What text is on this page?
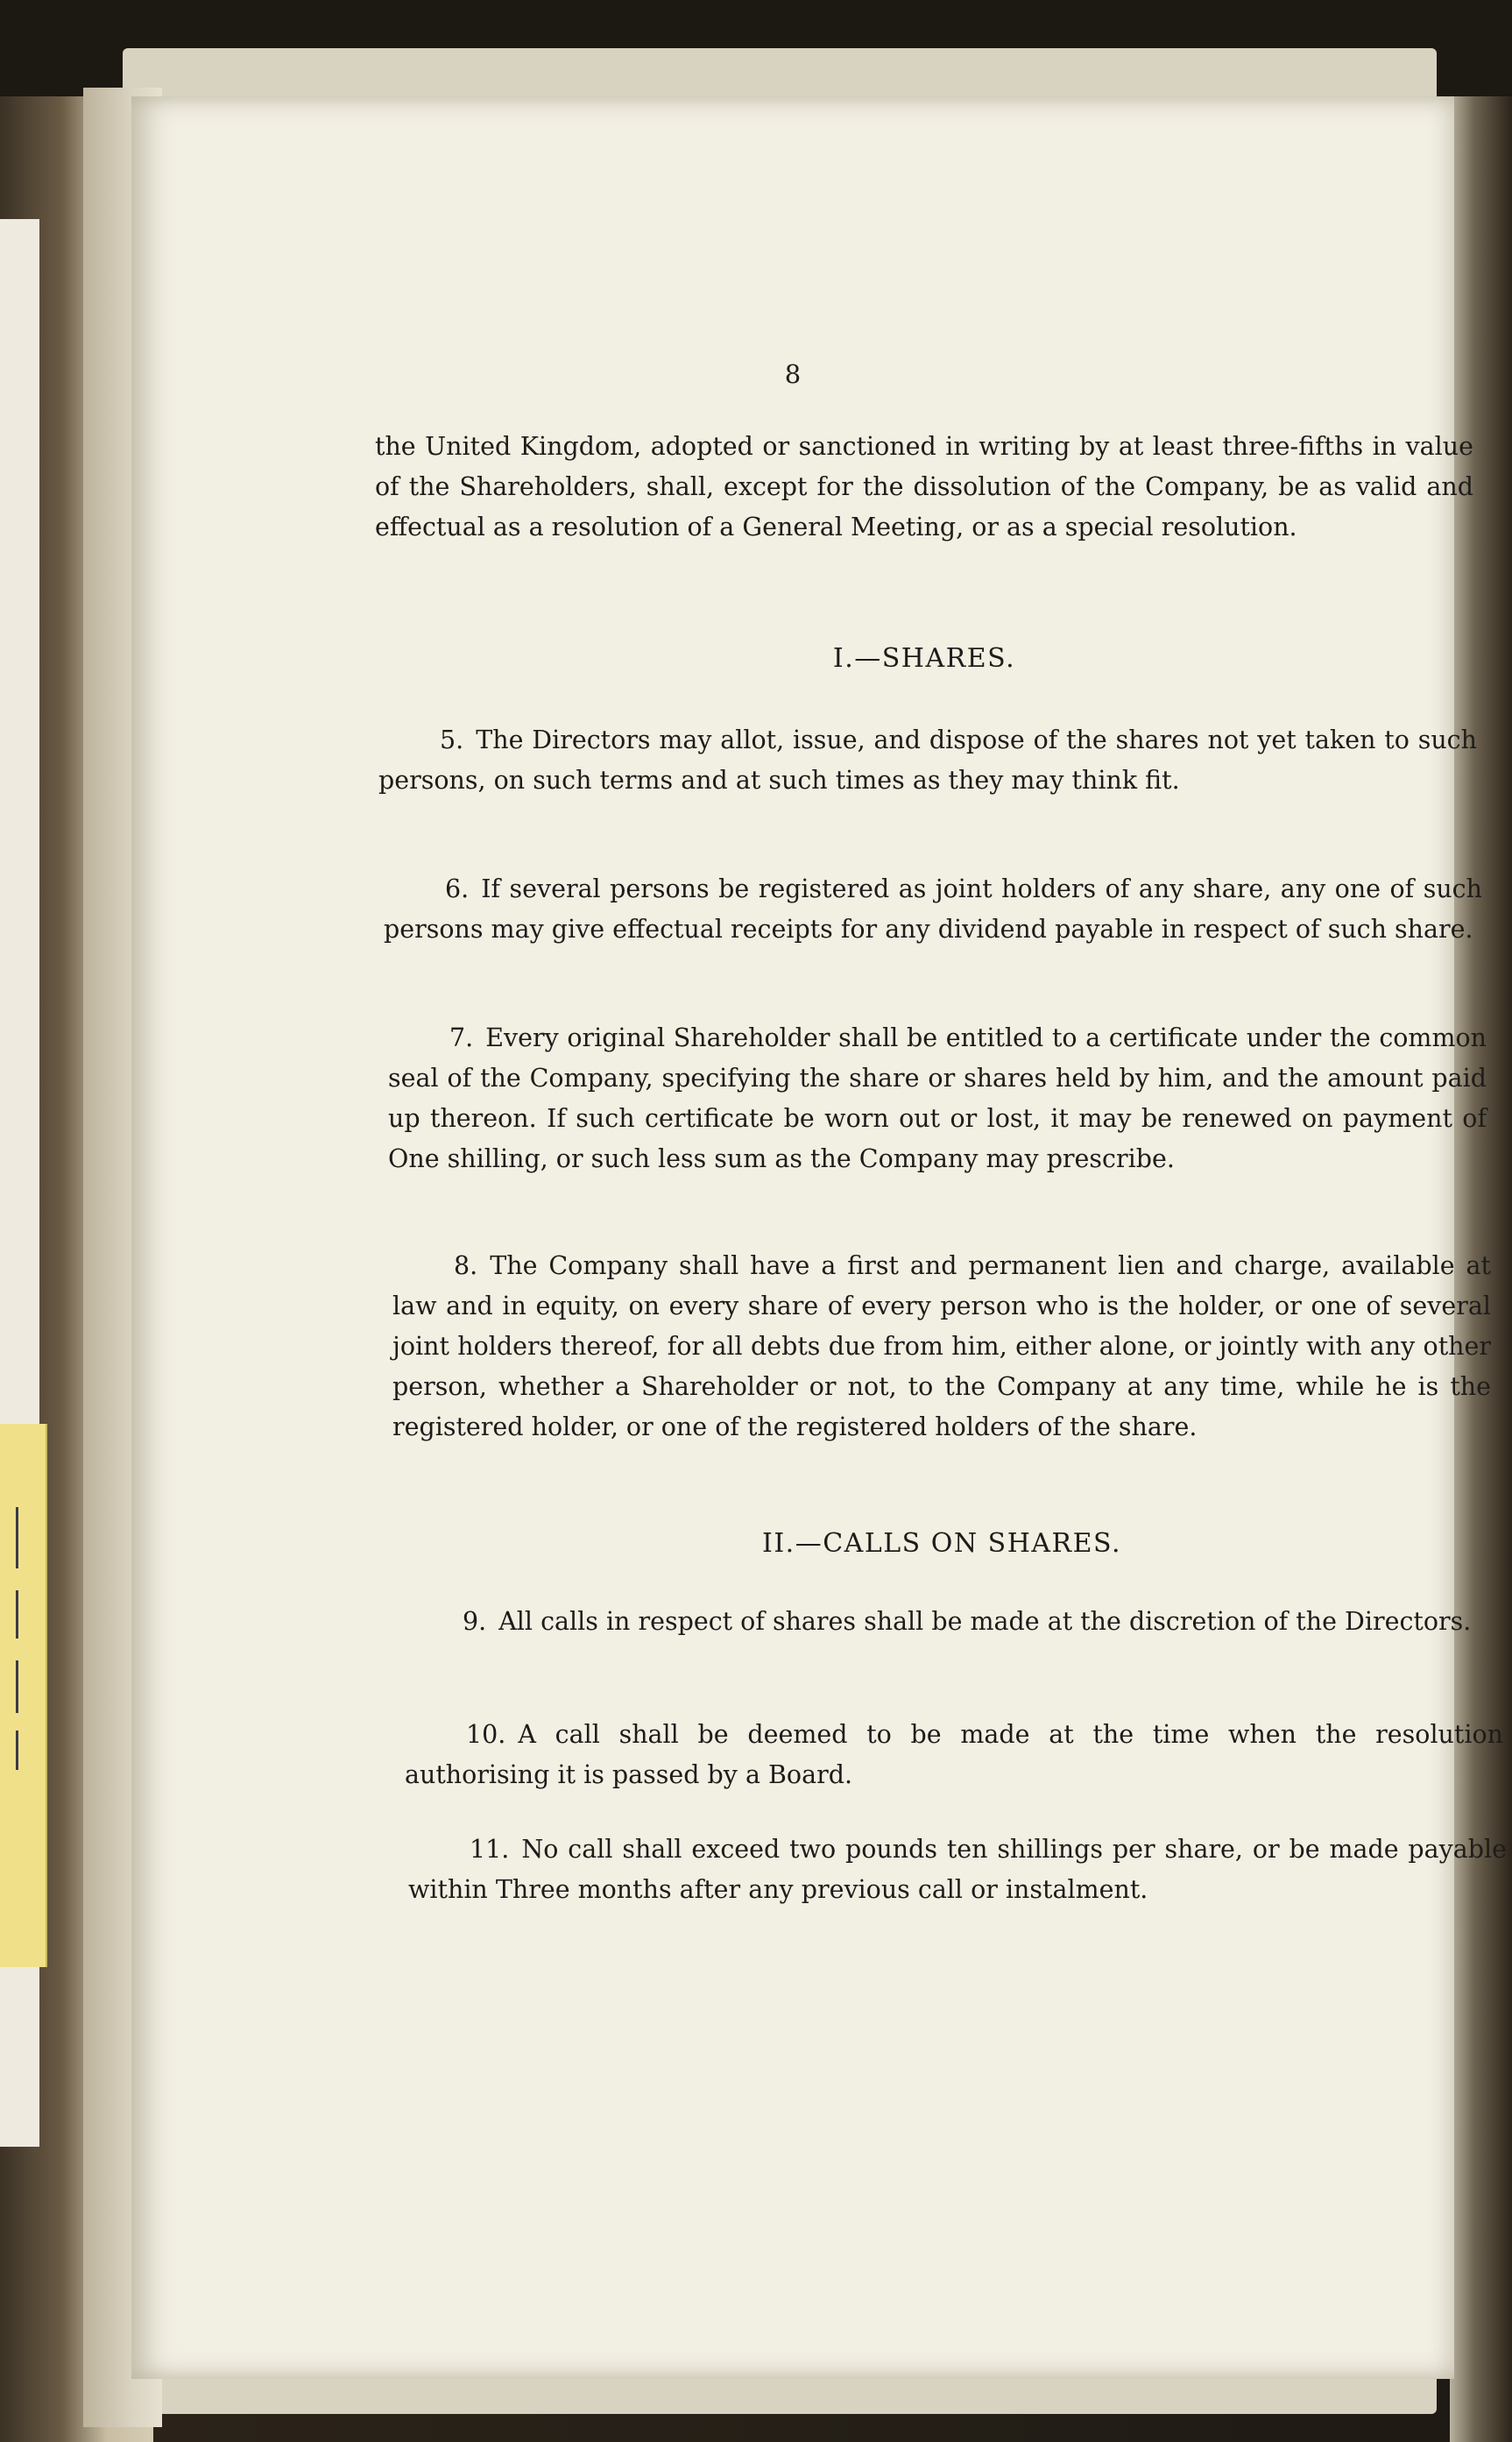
8

the United Kingdom, adopted or sanctioned in writing by at least three-fifths in value of the Shareholders, shall, except for the dissolution of the Company, be as valid and effectual as a resolution of a General Meeting, or as a special resolution.

I.—SHARES.

5. The Directors may allot, issue, and dispose of the shares not yet taken to such persons, on such terms and at such times as they may think fit.

6. If several persons be registered as joint holders of any share, any one of such persons may give effectual receipts for any dividend payable in respect of such share.

7. Every original Shareholder shall be entitled to a certificate under the common seal of the Company, specifying the share or shares held by him, and the amount paid up thereon. If such certificate be worn out or lost, it may be renewed on payment of One shilling, or such less sum as the Company may prescribe.

8. The Company shall have a first and permanent lien and charge, available at law and in equity, on every share of every person who is the holder, or one of several joint holders thereof, for all debts due from him, either alone, or jointly with any other person, whether a Shareholder or not, to the Company at any time, while he is the registered holder, or one of the registered holders of the share.

II.—CALLS ON SHARES.

9. All calls in respect of shares shall be made at the discretion of the Directors.

10. A call shall be deemed to be made at the time when the resolution authorising it is passed by a Board.

11. No call shall exceed two pounds ten shillings per share, or be made payable within Three months after any previous call or instalment.
